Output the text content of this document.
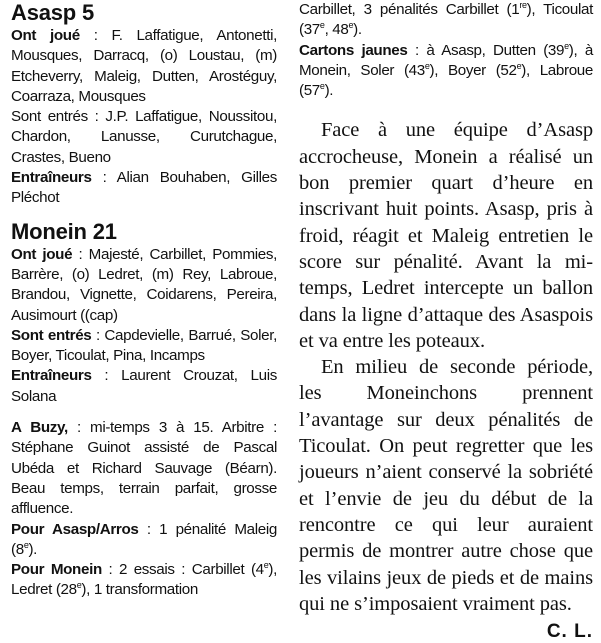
Asasp 5

Ont joué : F. Laffatigue, Antonetti, Mousques, Darracq, (o) Loustau, (m) Etcheverry, Maleig, Dutten, Arostéguy, Coarraza, Mousques

Sont entrés : J.P. Laffatigue, Noussitou, Chardon, Lanusse, Curutchague, Crastes, Bueno

Entraîneurs : Alian Bouhaben, Gilles Pléchot

Monein 21

Ont joué : Majesté, Carbillet, Pommies, Barrère, (o) Ledret, (m) Rey, Labroue, Brandou, Vignette, Coidarens, Pereira, Ausimourt ((cap)

Sont entrés : Capdevielle, Barrué, Soler, Boyer, Ticoulat, Pina, Incamps

Entraîneurs : Laurent Crouzat, Luis Solana

A Buzy, : mi-temps 3 à 15. Arbitre : Stéphane Guinot assisté de Pascal Ubéda et Richard Sauvage (Béarn). Beau temps, terrain parfait, grosse affluence.

Pour Asasp/Arros : 1 pénalité Maleig (8e).

Pour Monein : 2 essais : Carbillet (4e), Ledret (28e), 1 transformation

Carbillet, 3 pénalités Carbillet (1re), Ticoulat (37e, 48e).

Cartons jaunes : à Asasp, Dutten (39e), à Monein, Soler (43e), Boyer (52e), Labroue (57e).

Face à une équipe d’Asasp accrocheuse, Monein a réalisé un bon premier quart d’heure en inscrivant huit points. Asasp, pris à froid, réagit et Maleig entretien le score sur pénalité. Avant la mi-temps, Ledret intercepte un ballon dans la ligne d’attaque des Asaspois et va entre les poteaux.

En milieu de seconde période, les Moneinchons prennent l’avantage sur deux pénalités de Ticoulat. On peut regretter que les joueurs n’aient conservé la sobriété et l’envie de jeu du début de la rencontre ce qui leur auraient permis de montrer autre chose que les vilains jeux de pieds et de mains qui ne s’imposaient vraiment pas.

C. L.
